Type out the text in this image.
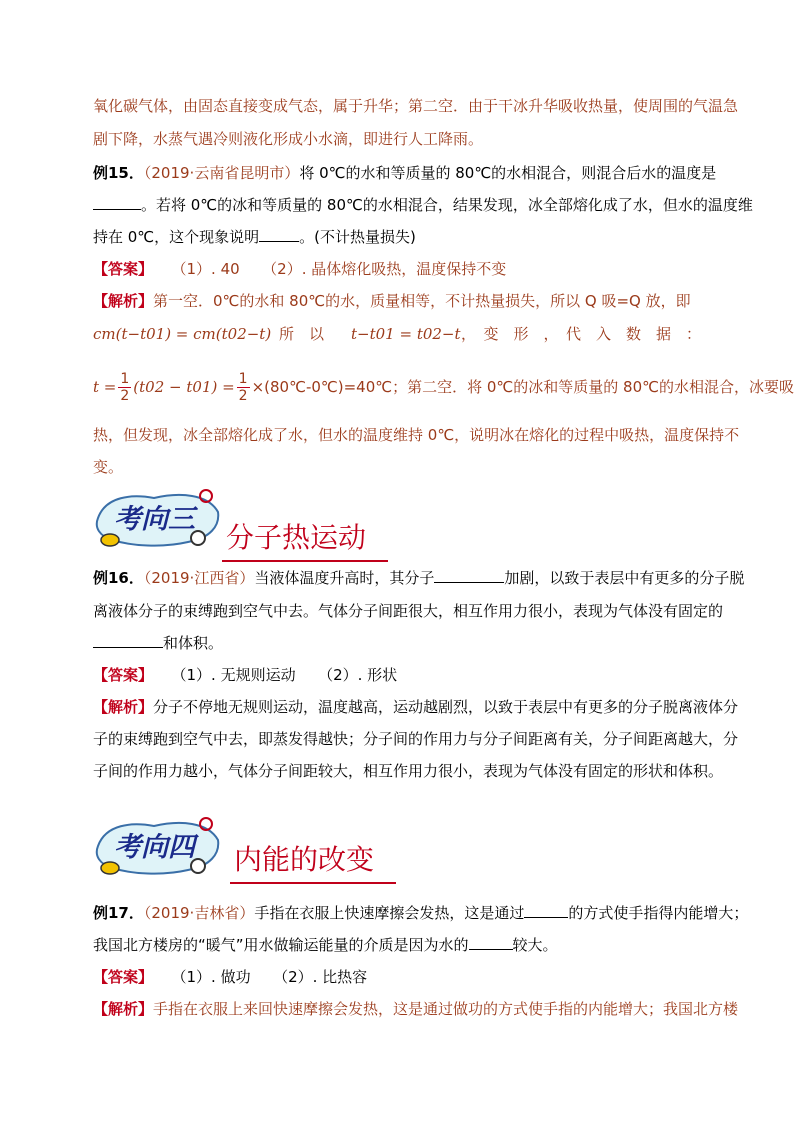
氧化碳气体，由固态直接变成气态，属于升华；第二空．由于干冰升华吸收热量，使周围的气温急
剧下降，水蒸气遇冷则液化形成小水滴，即进行人工降雨。
例15．（2019·云南省昆明市）将 0℃的水和等质量的 80℃的水相混合，则混合后水的温度是
。若将 0℃的冰和等质量的 80℃的水相混合，结果发现，冰全部熔化成了水，但水的温度维
持在 0℃，这个现象说明	。(不计热量损失)
【答案】 （1）. 40　　（2）. 晶体熔化吸热，温度保持不变
【解析】第一空．0℃的水和 80℃的水，质量相等，不计热量损失，所以 Q 吸=Q 放，即
cm(t−t01) = cm(t02−t) 所　以 t−t01 = t02−t ，　变　形　，　代　入　数　据　：
$t = \frac{1}{2} (t02 - t01) = \frac{1}{2}$ ×(80℃-0℃)=40℃；第二空．将 0℃的冰和等质量的 80℃的水相混合，冰要吸
热，但发现，冰全部熔化成了水，但水的温度维持 0℃，说明冰在熔化的过程中吸热，温度保持不
变。
考向三
分子热运动
例16．（2019·江西省）当液体温度升高时，其分子	加剧，以致于表层中有更多的分子脱
离液体分子的束缚跑到空气中去。气体分子间距很大，相互作用力很小，表现为气体没有固定的
和体积。
【答案】 （1）. 无规则运动　　（2）. 形状
【解析】分子不停地无规则运动，温度越高，运动越剧烈，以致于表层中有更多的分子脱离液体分
子的束缚跑到空气中去，即蒸发得越快；分子间的作用力与分子间距离有关，分子间距离越大，分
子间的作用力越小，气体分子间距较大，相互作用力很小，表现为气体没有固定的形状和体积。
考向四 内能的改变
例17．（2019·吉林省）手指在衣服上快速摩擦会发热，这是通过	的方式使手指得内能增大；
我国北方楼房的“暖气”用水做输运能量的介质是因为水的	较大。
【答案】 （1）. 做功　　（2）. 比热容
【解析】手指在衣服上来回快速摩擦会发热，这是通过做功的方式使手指的内能增大；我国北方楼
